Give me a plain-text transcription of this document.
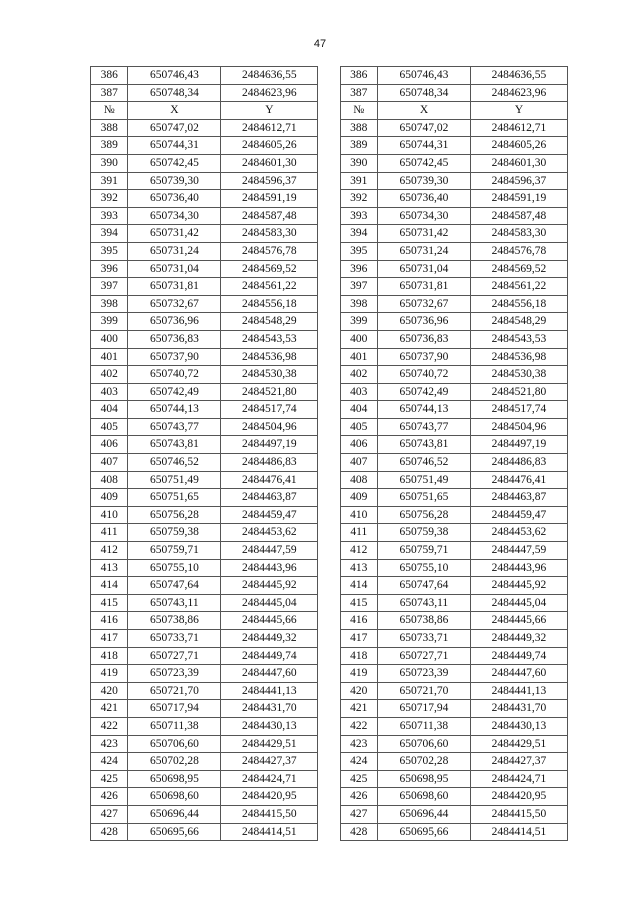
47
386	650746,43	2484636,55		386	650746,43	2484636,55
387	650748,34	2484623,96		387	650748,34	2484623,96
№	X	Y		№	X	Y
388	650747,02	2484612,71		388	650747,02	2484612,71
389	650744,31	2484605,26		389	650744,31	2484605,26
390	650742,45	2484601,30		390	650742,45	2484601,30
391	650739,30	2484596,37		391	650739,30	2484596,37
392	650736,40	2484591,19		392	650736,40	2484591,19
393	650734,30	2484587,48		393	650734,30	2484587,48
394	650731,42	2484583,30		394	650731,42	2484583,30
395	650731,24	2484576,78		395	650731,24	2484576,78
396	650731,04	2484569,52		396	650731,04	2484569,52
397	650731,81	2484561,22		397	650731,81	2484561,22
398	650732,67	2484556,18		398	650732,67	2484556,18
399	650736,96	2484548,29		399	650736,96	2484548,29
400	650736,83	2484543,53		400	650736,83	2484543,53
401	650737,90	2484536,98		401	650737,90	2484536,98
402	650740,72	2484530,38		402	650740,72	2484530,38
403	650742,49	2484521,80		403	650742,49	2484521,80
404	650744,13	2484517,74		404	650744,13	2484517,74
405	650743,77	2484504,96		405	650743,77	2484504,96
406	650743,81	2484497,19		406	650743,81	2484497,19
407	650746,52	2484486,83		407	650746,52	2484486,83
408	650751,49	2484476,41		408	650751,49	2484476,41
409	650751,65	2484463,87		409	650751,65	2484463,87
410	650756,28	2484459,47		410	650756,28	2484459,47
411	650759,38	2484453,62		411	650759,38	2484453,62
412	650759,71	2484447,59		412	650759,71	2484447,59
413	650755,10	2484443,96		413	650755,10	2484443,96
414	650747,64	2484445,92		414	650747,64	2484445,92
415	650743,11	2484445,04		415	650743,11	2484445,04
416	650738,86	2484445,66		416	650738,86	2484445,66
417	650733,71	2484449,32		417	650733,71	2484449,32
418	650727,71	2484449,74		418	650727,71	2484449,74
419	650723,39	2484447,60		419	650723,39	2484447,60
420	650721,70	2484441,13		420	650721,70	2484441,13
421	650717,94	2484431,70		421	650717,94	2484431,70
422	650711,38	2484430,13		422	650711,38	2484430,13
423	650706,60	2484429,51		423	650706,60	2484429,51
424	650702,28	2484427,37		424	650702,28	2484427,37
425	650698,95	2484424,71		425	650698,95	2484424,71
426	650698,60	2484420,95		426	650698,60	2484420,95
427	650696,44	2484415,50		427	650696,44	2484415,50
428	650695,66	2484414,51		428	650695,66	2484414,51
